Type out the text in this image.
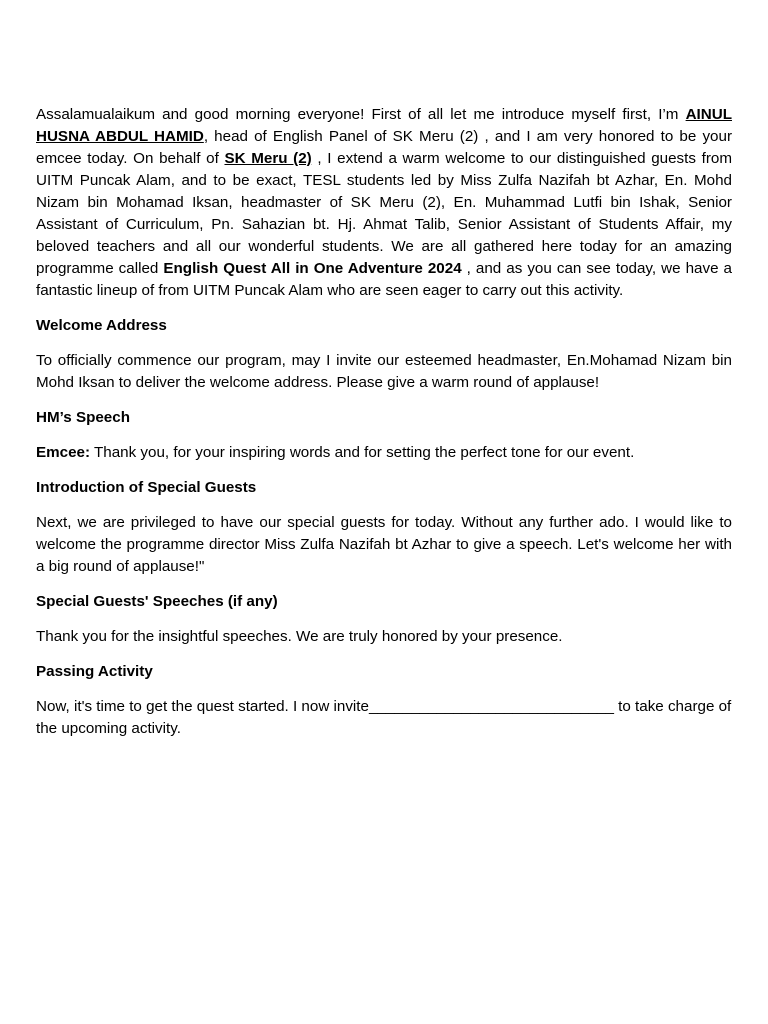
Assalamualaikum and good morning everyone! First of all let me introduce myself first, I’m AINUL HUSNA ABDUL HAMID, head of English Panel of SK Meru (2) , and I am very honored to be your emcee today. On behalf of SK Meru (2) , I extend a warm welcome to our distinguished guests from UITM Puncak Alam, and to be exact, TESL students led by Miss Zulfa Nazifah bt Azhar, En. Mohd Nizam bin Mohamad Iksan, headmaster of SK Meru (2), En. Muhammad Lutfi bin Ishak, Senior Assistant of Curriculum, Pn. Sahazian bt. Hj. Ahmat Talib, Senior Assistant of Students Affair, my beloved teachers and all our wonderful students. We are all gathered here today for an amazing programme called English Quest All in One Adventure 2024 , and as you can see today, we have a fantastic lineup of from UITM Puncak Alam who are seen eager to carry out this activity.

Welcome Address

To officially commence our program, may I invite our esteemed headmaster, En.Mohamad Nizam bin Mohd Iksan to deliver the welcome address. Please give a warm round of applause!

HM’s Speech

Emcee: Thank you, for your inspiring words and for setting the perfect tone for our event.

Introduction of Special Guests

Next, we are privileged to have our special guests for today. Without any further ado. I would like to welcome the programme director Miss Zulfa Nazifah bt Azhar to give a speech. Let's welcome her with a big round of applause!"

Special Guests' Speeches (if any)

Thank you for the insightful speeches. We are truly honored by your presence.

Passing Activity

Now, it's time to get the quest started. I now invite_____________________________ to take charge of the upcoming activity.
